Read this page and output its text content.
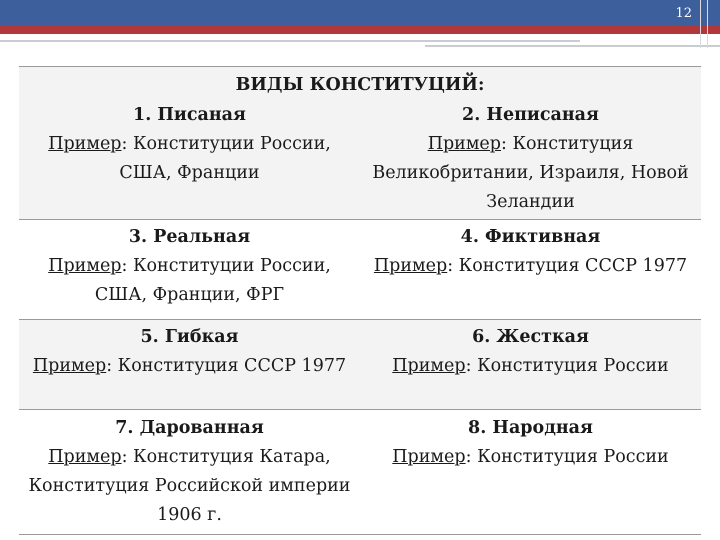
12
ВИДЫ КОНСТИТУЦИЙ:	

1. Писаная
Пример: Конституции России,
США, Франции	2. Неписаная
Пример: Конституция
Великобритании, Израиля, Новой Зеландии

3. Реальная
Пример: Конституции России,
США, Франции, ФРГ	4. Фиктивная
Пример: Конституция СССР 1977

5. Гибкая
Пример: Конституция СССР 1977	6. Жесткая
Пример: Конституция России

7. Дарованная
Пример: Конституция Катара,
Конституция Российской империи 1906 г.	8. Народная
Пример: Конституция России
